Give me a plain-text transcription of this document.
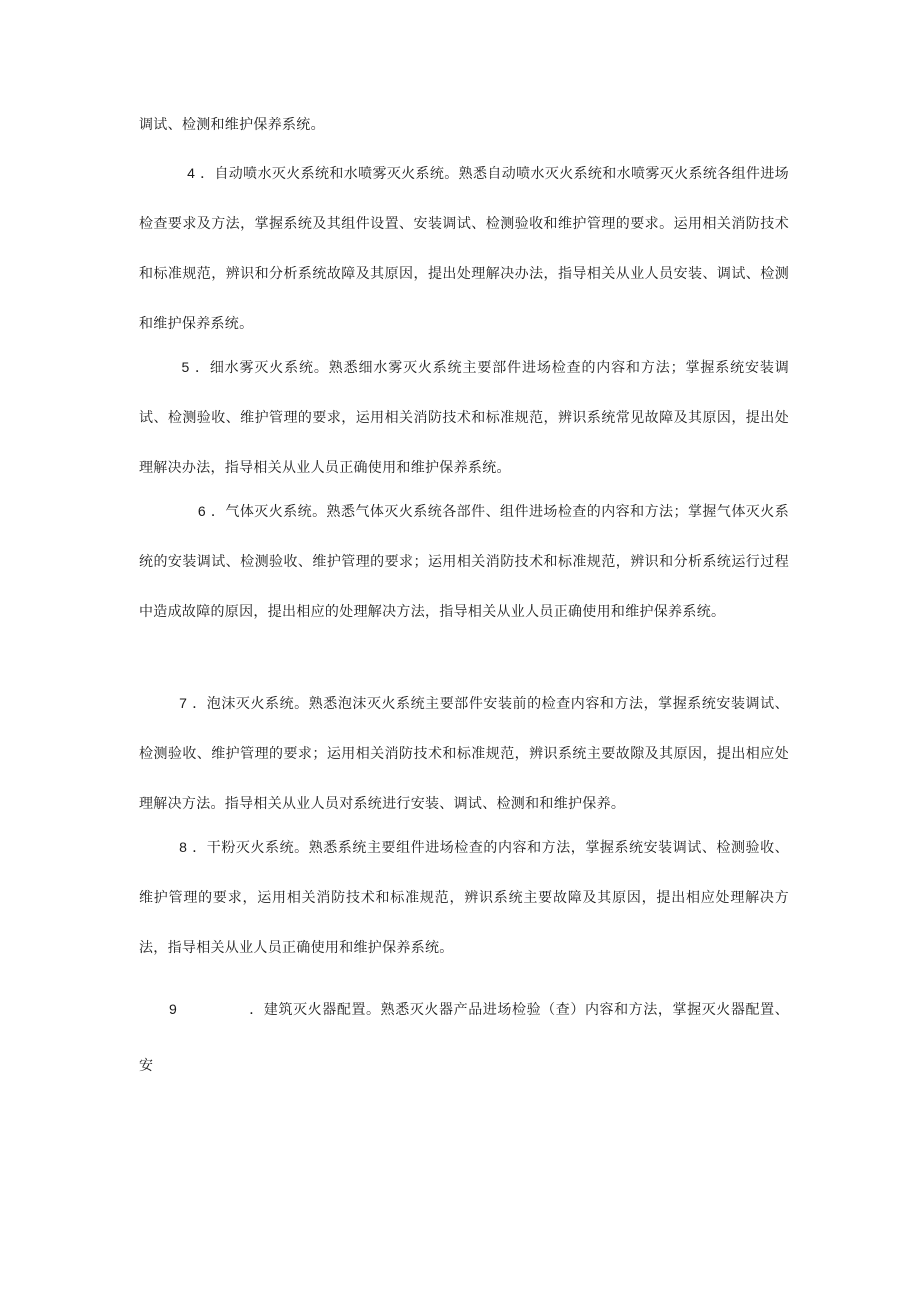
调试、检测和维护保养系统。

4 ．自动喷水灭火系统和水喷雾灭火系统。熟悉自动喷水灭火系统和水喷雾灭火系统各组件进场检查要求及方法，掌握系统及其组件设置、安装调试、检测验收和维护管理的要求。运用相关消防技术和标准规范，辨识和分析系统故障及其原因，提出处理解决办法，指导相关从业人员安装、调试、检测和维护保养系统。

5 ．细水雾灭火系统。熟悉细水雾灭火系统主要部件进场检查的内容和方法；掌握系统安装调试、检测验收、维护管理的要求，运用相关消防技术和标准规范，辨识系统常见故障及其原因，提出处理解决办法，指导相关从业人员正确使用和维护保养系统。

6 ．气体灭火系统。熟悉气体灭火系统各部件、组件进场检查的内容和方法；掌握气体灭火系统的安装调试、检测验收、维护管理的要求；运用相关消防技术和标准规范，辨识和分析系统运行过程中造成故障的原因，提出相应的处理解决方法，指导相关从业人员正确使用和维护保养系统。

7 ．泡沫灭火系统。熟悉泡沫灭火系统主要部件安装前的检查内容和方法，掌握系统安装调试、检测验收、维护管理的要求；运用相关消防技术和标准规范，辨识系统主要故隙及其原因，提出相应处理解决方法。指导相关从业人员对系统进行安装、调试、检测和和维护保养。

8 ．干粉灭火系统。熟悉系统主要组件进场检查的内容和方法，掌握系统安装调试、检测验收、维护管理的要求，运用相关消防技术和标准规范，辨识系统主要故障及其原因，提出相应处理解决方法，指导相关从业人员正确使用和维护保养系统。

9	．建筑灭火器配置。熟悉灭火器产品进场检验（查）内容和方法，掌握灭火器配置、安
